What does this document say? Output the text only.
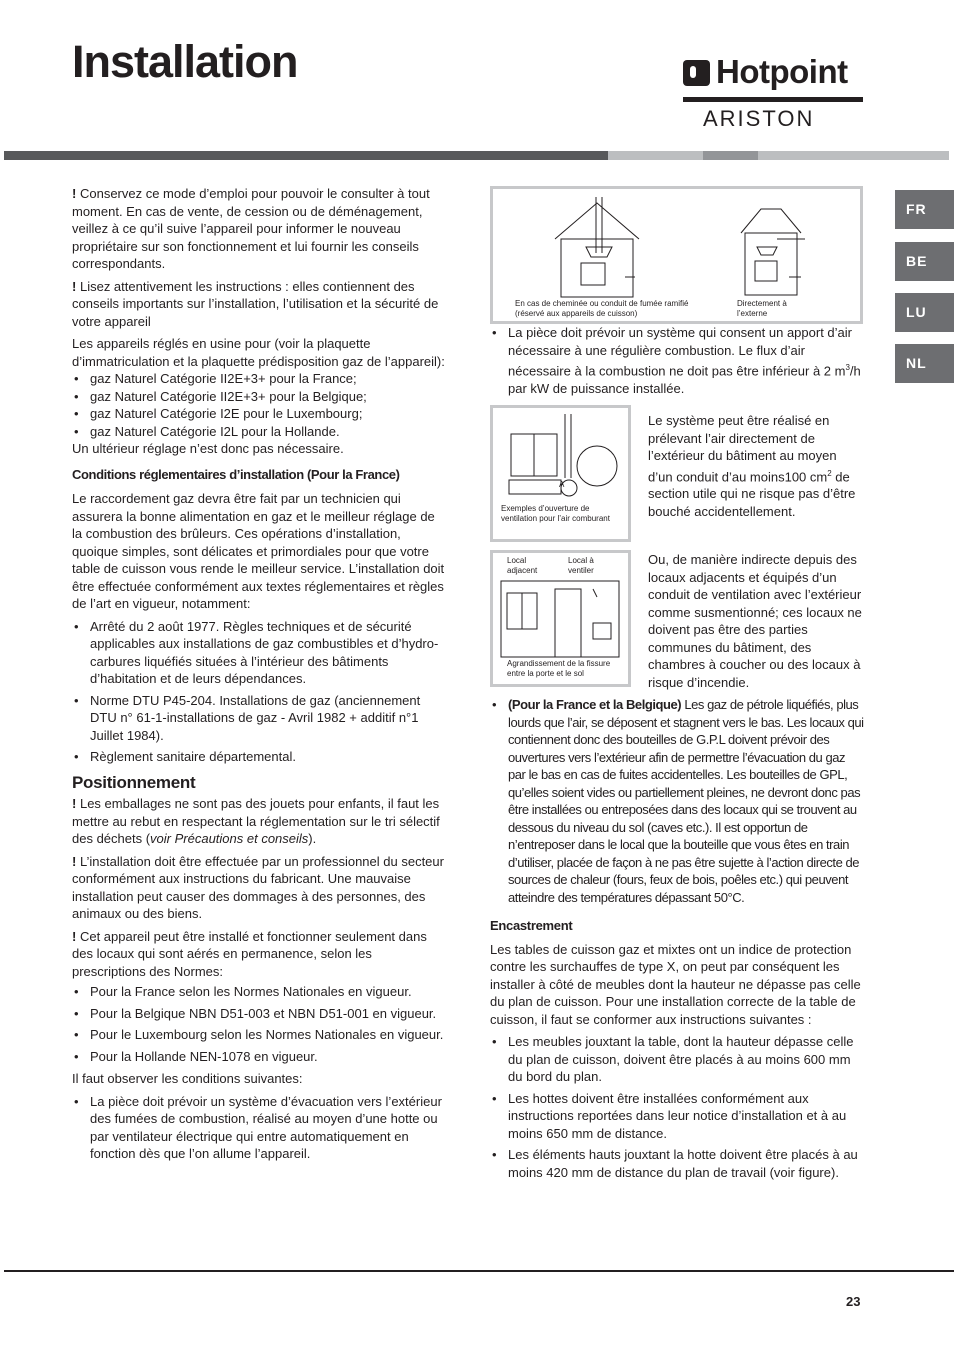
Installation	Hotpoint
ARISTON
FR
BE
LU
NL

! Conservez ce mode d’emploi pour pouvoir le consulter à tout moment. En cas de vente, de cession ou de déménagement, veillez à ce qu’il suive l’appareil pour informer le nouveau propriétaire sur son fonctionnement et lui fournir les conseils correspondants.

! Lisez attentivement les instructions : elles contiennent des conseils importants sur l’installation, l’utilisation et la sécurité de votre appareil

Les appareils réglés en usine pour (voir la plaquette d’immatriculation et la plaquette prédisposition gaz de l’appareil):

• gaz Naturel Catégorie II2E+3+ pour la France;
• gaz Naturel Catégorie II2E+3+ pour la Belgique;
• gaz Naturel Catégorie I2E pour le Luxembourg;
• gaz Naturel Catégorie I2L pour la Hollande.

Un ultérieur réglage n’est donc pas nécessaire.

Conditions réglementaires d’installation (Pour la France)

Le raccordement gaz devra être fait par un technicien qui assurera la bonne alimentation en gaz et le meilleur réglage de la combustion des brûleurs. Ces opérations d’installation, quoique simples, sont délicates et primordiales pour que votre table de cuisson vous rende le meilleur service. L’installation doit être effectuée conformément aux textes réglementaires et règles de l’art en vigueur, notamment:

• Arrêté du 2 août 1977. Règles techniques et de sécurité applicables aux installations de gaz combustibles et d’hydro-carbures liquéfiés situées à l’intérieur des bâtiments d’habitation et de leurs dépendances.
• Norme DTU P45-204. Installations de gaz (anciennement DTU n° 61-1-installations de gaz - Avril 1982 + additif n°1 Juillet 1984).
• Règlement sanitaire départemental.
Positionnement

! Les emballages ne sont pas des jouets pour enfants, il faut les mettre au rebut en respectant la réglementation sur le tri sélectif des déchets (voir Précautions et conseils).

! L’installation doit être effectuée par un professionnel du secteur conformément aux instructions du fabricant. Une mauvaise installation peut causer des dommages à des personnes, des animaux ou des biens.

! Cet appareil peut être installé et fonctionner seulement dans des locaux qui sont aérés en permanence, selon les prescriptions des Normes:

• Pour la France selon les Normes Nationales en vigueur.
• Pour la Belgique NBN D51-003 et NBN D51-001 en vigueur.
• Pour le Luxembourg selon les Normes Nationales en vigueur.
• Pour la Hollande NEN-1078 en vigueur.

Il faut observer les conditions suivantes:

• La pièce doit prévoir un système d’évacuation vers l’extérieur des fumées de combustion, réalisé au moyen d’une hotte ou par ventilateur électrique qui entre automatiquement en fonction dès que l’on allume l’appareil.
En cas de cheminée ou conduit de fumée ramifié (réservé aux appareils de cuisson)
Directement à l’externe
• La pièce doit prévoir un système qui consent un apport d’air nécessaire à une régulière combustion. Le flux d’air nécessaire à la combustion ne doit pas être inférieur à 2 $m^3/h$ par kW de puissance installée.
A
Exemples d’ouverture de ventilation pour l’air comburant
Le système peut être réalisé en prélevant l’air directement de l’extérieur du bâtiment au moyen d’un conduit d’au moins100 $cm^2$ de section utile qui ne risque pas d’être bouché accidentellement.
Local adjacent
Local à ventiler
Agrandissement de la fissure entre la porte et le sol
Ou, de manière indirecte depuis des locaux adjacents et équipés d’un conduit de ventilation avec l’extérieur comme susmentionné; ces locaux ne doivent pas être des parties communes du bâtiment, des chambres à coucher ou des locaux à risque d’incendie.
• (Pour la France et la Belgique) Les gaz de pétrole liquéfiés, plus lourds que l’air, se déposent et stagnent vers le bas. Les locaux qui contiennent donc des bouteilles de G.P.L doivent prévoir des ouvertures vers l’extérieur afin de permettre l’évacuation du gaz par le bas en cas de fuites accidentelles. Les bouteilles de GPL, qu’elles soient vides ou partiellement pleines, ne devront donc pas être installées ou entreposées dans des locaux qui se trouvent au dessous du niveau du sol (caves etc.). Il est opportun de n’entreposer dans le local que la bouteille que vous êtes en train d’utiliser, placée de façon à ne pas être sujette à l’action directe de sources de chaleur (fours, feux de bois, poêles etc.) qui peuvent atteindre des températures dépassant 50°C.

Encastrement

Les tables de cuisson gaz et mixtes ont un indice de protection contre les surchauffes de type X, on peut par conséquent les installer à côté de meubles dont la hauteur ne dépasse pas celle du plan de cuisson. Pour une installation correcte de la table de cuisson, il faut se conformer aux instructions suivantes :

• Les meubles jouxtant la table, dont la hauteur dépasse celle du plan de cuisson, doivent être placés à au moins 600 mm du bord du plan.
• Les hottes doivent être installées conformément aux instructions reportées dans leur notice d’installation et à au moins 650 mm de distance.
• Les éléments hauts jouxtant la hotte doivent être placés à au moins 420 mm de distance du plan de travail (voir figure).
23
